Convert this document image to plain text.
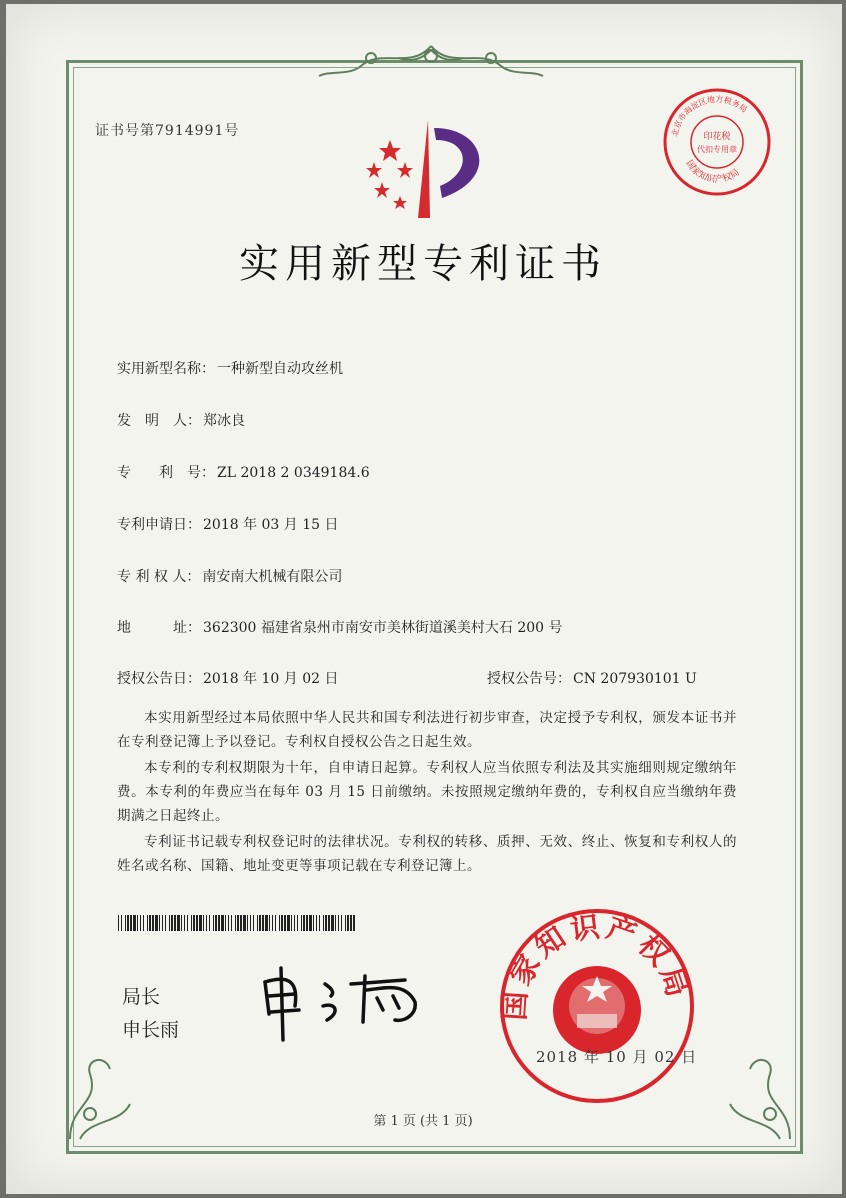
证书号第7914991号	北京市海淀区地方税务局
印花税
代扣专用章
国家知识产权局
实用新型专利证书
实用新型名称： 一种新型自动攻丝机
发　明　人： 郑冰良
专　　利　号： ZL 2018 2 0349184.6
专利申请日： 2018 年 03 月 15 日
专 利 权 人： 南安南大机械有限公司
地　　　址： 362300 福建省泉州市南安市美林街道溪美村大石 200 号
授权公告日： 2018 年 10 月 02 日	授权公告号： CN 207930101 U

本实用新型经过本局依照中华人民共和国专利法进行初步审查，决定授予专利权，颁发本证书并在专利登记簿上予以登记。专利权自授权公告之日起生效。

本专利的专利权期限为十年，自申请日起算。专利权人应当依照专利法及其实施细则规定缴纳年费。本专利的年费应当在每年 03 月 15 日前缴纳。未按照规定缴纳年费的，专利权自应当缴纳年费期满之日起终止。

专利证书记载专利权登记时的法律状况。专利权的转移、质押、无效、终止、恢复和专利权人的姓名或名称、国籍、地址变更等事项记载在专利登记簿上。

局长
申长雨
国家知识产权局
2018 年 10 月 02 日
第 1 页 (共 1 页)
